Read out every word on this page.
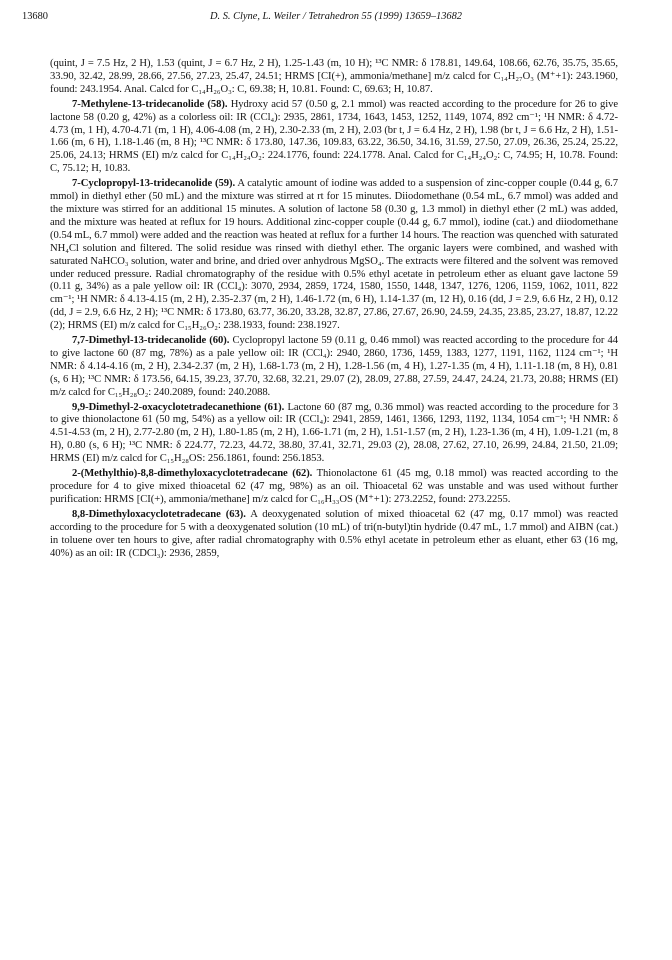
13680	D. S. Clyne, L. Weiler / Tetrahedron 55 (1999) 13659–13682

(quint, J = 7.5 Hz, 2 H), 1.53 (quint, J = 6.7 Hz, 2 H), 1.25-1.43 (m, 10 H); ¹³C NMR: δ 178.81, 149.64, 108.66, 62.76, 35.75, 35.65, 33.90, 32.42, 28.99, 28.66, 27.56, 27.23, 25.47, 24.51; HRMS [CI(+), ammonia/methane] m/z calcd for C₁₄H₂₇O₃ (M⁺+1): 243.1960, found: 243.1954. Anal. Calcd for C₁₄H₂₆O₃: C, 69.38; H, 10.81. Found: C, 69.63; H, 10.87.

7-Methylene-13-tridecanolide (58). Hydroxy acid 57 (0.50 g, 2.1 mmol) was reacted according to the procedure for 26 to give lactone 58 (0.20 g, 42%) as a colorless oil: IR (CCl₄): 2935, 2861, 1734, 1643, 1453, 1252, 1149, 1074, 892 cm⁻¹; ¹H NMR: δ 4.72-4.73 (m, 1 H), 4.70-4.71 (m, 1 H), 4.06-4.08 (m, 2 H), 2.30-2.33 (m, 2 H), 2.03 (br t, J = 6.4 Hz, 2 H), 1.98 (br t, J = 6.6 Hz, 2 H), 1.51-1.66 (m, 6 H), 1.18-1.46 (m, 8 H); ¹³C NMR: δ 173.80, 147.36, 109.83, 63.22, 36.50, 34.16, 31.59, 27.50, 27.09, 26.36, 25.24, 25.22, 25.06, 24.13; HRMS (EI) m/z calcd for C₁₄H₂₄O₂: 224.1776, found: 224.1778. Anal. Calcd for C₁₄H₂₄O₂: C, 74.95; H, 10.78. Found: C, 75.12; H, 10.83.

7-Cyclopropyl-13-tridecanolide (59). A catalytic amount of iodine was added to a suspension of zinc-copper couple (0.44 g, 6.7 mmol) in diethyl ether (50 mL) and the mixture was stirred at rt for 15 minutes. Diiodomethane (0.54 mL, 6.7 mmol) was added and the mixture was stirred for an additional 15 minutes. A solution of lactone 58 (0.30 g, 1.3 mmol) in diethyl ether (2 mL) was added, and the mixture was heated at reflux for 19 hours. Additional zinc-copper couple (0.44 g, 6.7 mmol), iodine (cat.) and diiodomethane (0.54 mL, 6.7 mmol) were added and the reaction was heated at reflux for a further 14 hours. The reaction was quenched with saturated NH₄Cl solution and filtered. The solid residue was rinsed with diethyl ether. The organic layers were combined, and washed with saturated NaHCO₃ solution, water and brine, and dried over anhydrous MgSO₄. The extracts were filtered and the solvent was removed under reduced pressure. Radial chromatography of the residue with 0.5% ethyl acetate in petroleum ether as eluant gave lactone 59 (0.11 g, 34%) as a pale yellow oil: IR (CCl₄): 3070, 2934, 2859, 1724, 1580, 1550, 1448, 1347, 1276, 1206, 1159, 1062, 1011, 822 cm⁻¹; ¹H NMR: δ 4.13-4.15 (m, 2 H), 2.35-2.37 (m, 2 H), 1.46-1.72 (m, 6 H), 1.14-1.37 (m, 12 H), 0.16 (dd, J = 2.9, 6.6 Hz, 2 H), 0.12 (dd, J = 2.9, 6.6 Hz, 2 H); ¹³C NMR: δ 173.80, 63.77, 36.20, 33.28, 32.87, 27.86, 27.67, 26.90, 24.59, 24.35, 23.85, 23.27, 18.87, 12.22 (2); HRMS (EI) m/z calcd for C₁₅H₂₆O₂: 238.1933, found: 238.1927.

7,7-Dimethyl-13-tridecanolide (60). Cyclopropyl lactone 59 (0.11 g, 0.46 mmol) was reacted according to the procedure for 44 to give lactone 60 (87 mg, 78%) as a pale yellow oil: IR (CCl₄): 2940, 2860, 1736, 1459, 1383, 1277, 1191, 1162, 1124 cm⁻¹; ¹H NMR: δ 4.14-4.16 (m, 2 H), 2.34-2.37 (m, 2 H), 1.68-1.73 (m, 2 H), 1.28-1.56 (m, 4 H), 1.27-1.35 (m, 4 H), 1.11-1.18 (m, 8 H), 0.81 (s, 6 H); ¹³C NMR: δ 173.56, 64.15, 39.23, 37.70, 32.68, 32.21, 29.07 (2), 28.09, 27.88, 27.59, 24.47, 24.24, 21.73, 20.88; HRMS (EI) m/z calcd for C₁₅H₂₈O₂: 240.2089, found: 240.2088.

9,9-Dimethyl-2-oxacyclotetradecanethione (61). Lactone 60 (87 mg, 0.36 mmol) was reacted according to the procedure for 3 to give thionolactone 61 (50 mg, 54%) as a yellow oil: IR (CCl₄): 2941, 2859, 1461, 1366, 1293, 1192, 1134, 1054 cm⁻¹; ¹H NMR: δ 4.51-4.53 (m, 2 H), 2.77-2.80 (m, 2 H), 1.80-1.85 (m, 2 H), 1.66-1.71 (m, 2 H), 1.51-1.57 (m, 2 H), 1.23-1.36 (m, 4 H), 1.09-1.21 (m, 8 H), 0.80 (s, 6 H); ¹³C NMR: δ 224.77, 72.23, 44.72, 38.80, 37.41, 32.71, 29.03 (2), 28.08, 27.62, 27.10, 26.99, 24.84, 21.50, 21.09; HRMS (EI) m/z calcd for C₁₅H₂₈OS: 256.1861, found: 256.1853.

2-(Methylthio)-8,8-dimethyloxacyclotetradecane (62). Thionolactone 61 (45 mg, 0.18 mmol) was reacted according to the procedure for 4 to give mixed thioacetal 62 (47 mg, 98%) as an oil. Thioacetal 62 was unstable and was used without further purification: HRMS [CI(+), ammonia/methane] m/z calcd for C₁₆H₃₃OS (M⁺+1): 273.2252, found: 273.2255.

8,8-Dimethyloxacyclotetradecane (63). A deoxygenated solution of mixed thioacetal 62 (47 mg, 0.17 mmol) was reacted according to the procedure for 5 with a deoxygenated solution (10 mL) of tri(n-butyl)tin hydride (0.47 mL, 1.7 mmol) and AIBN (cat.) in toluene over ten hours to give, after radial chromatography with 0.5% ethyl acetate in petroleum ether as eluant, ether 63 (16 mg, 40%) as an oil: IR (CDCl₃): 2936, 2859,
